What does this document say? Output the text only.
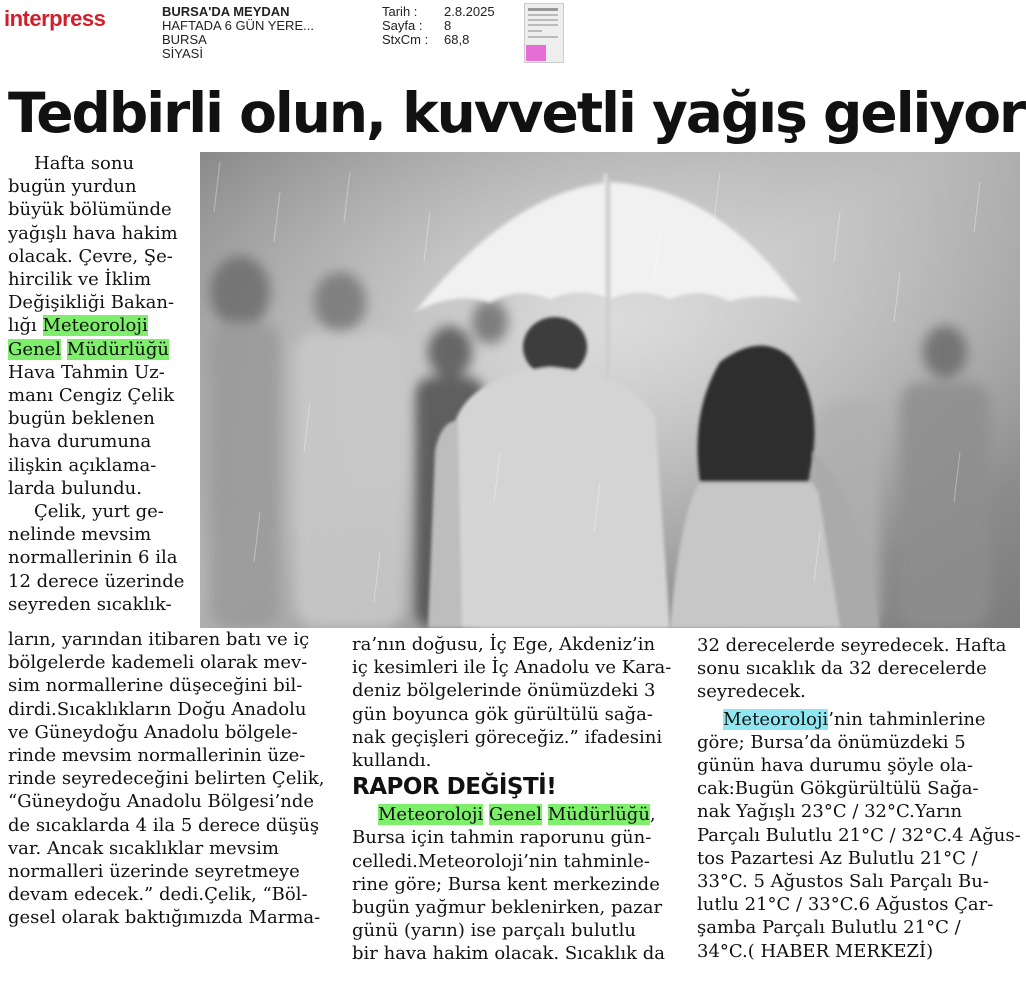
interpress	BURSA'DA MEYDAN
HAFTADA 6 GÜN YERE...
BURSA
SİYASİ
Tarih :	2.8.2025
Sayfa :	8
StxCm :	68,8
Tedbirli olun, kuvvetli yağış geliyor

Hafta sonu
bugün yurdun
büyük bölümünde
yağışlı hava hakim
olacak. Çevre, Şe-
hircilik ve İklim
Değişikliği Bakan-
lığı Meteoroloji
Genel Müdürlüğü
Hava Tahmin Uz-
manı Cengiz Çelik
bugün beklenen
hava durumuna
ilişkin açıklama-
larda bulundu.

Çelik, yurt ge-
nelinde mevsim
normallerinin 6 ila
12 derece üzerinde
seyreden sıcaklık-

ların, yarından itibaren batı ve iç
bölgelerde kademeli olarak mev-
sim normallerine düşeceğini bil-
dirdi.Sıcaklıkların Doğu Anadolu
ve Güneydoğu Anadolu bölgele-
rinde mevsim normallerinin üze-
rinde seyredeceğini belirten Çelik,
“Güneydoğu Anadolu Bölgesi’nde
de sıcaklarda 4 ila 5 derece düşüş
var. Ancak sıcaklıklar mevsim
normalleri üzerinde seyretmeye
devam edecek.” dedi.Çelik, “Böl-
gesel olarak baktığımızda Marma-
ra’nın doğusu, İç Ege, Akdeniz’in
iç kesimleri ile İç Anadolu ve Kara-
deniz bölgelerinde önümüzdeki 3
gün boyunca gök gürültülü sağa-
nak geçişleri göreceğiz.” ifadesini
kullandı.
RAPOR DEĞİŞTİ!
Meteoroloji Genel Müdürlüğü,
Bursa için tahmin raporunu gün-
celledi.Meteoroloji’nin tahminle-
rine göre; Bursa kent merkezinde
bugün yağmur beklenirken, pazar
günü (yarın) ise parçalı bulutlu
bir hava hakim olacak. Sıcaklık da
32 derecelerde seyredecek. Hafta
sonu sıcaklık da 32 derecelerde
seyredecek.
Meteoroloji’nin tahminlerine
göre; Bursa’da önümüzdeki 5
günün hava durumu şöyle ola-
cak:Bugün Gökgürültülü Sağa-
nak Yağışlı 23°C / 32°C.Yarın
Parçalı Bulutlu 21°C / 32°C.4 Ağus-
tos Pazartesi Az Bulutlu 21°C /
33°C. 5 Ağustos Salı Parçalı Bu-
lutlu 21°C / 33°C.6 Ağustos Çar-
şamba Parçalı Bulutlu 21°C /
34°C.( HABER MERKEZİ)
